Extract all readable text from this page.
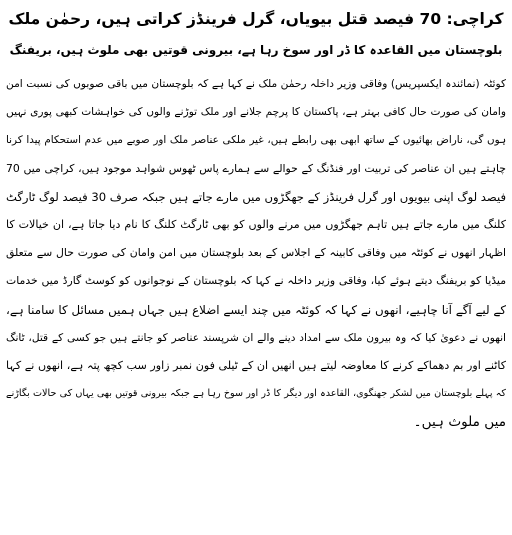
کراچی: 70 فیصد قتل بیویاں، گرل فرینڈز کراتی ہیں، رحمٰن ملک
بلوچستان میں القاعدہ کا ڈر اور سوخ رہا ہے، بیرونی قوتیں بھی ملوث ہیں، بریفنگ
کوئٹہ (نمائندہ ایکسپریس) وفاقی وزیر داخلہ رحمٰن ملک نے کہا ہے کہ بلوچستان میں باقی صوبوں کی نسبت امن
وامان کی صورت حال کافی بہتر ہے، پاکستان کا پرچم جلانے اور ملک توڑنے والوں کی خواہشات کبھی پوری نہیں
ہوں گی، ناراض بھائیوں کے ساتھ ابھی بھی رابطے ہیں، غیر ملکی عناصر ملک اور صوبے میں عدم استحکام پیدا کرنا
چاہتے ہیں ان عناصر کی تربیت اور فنڈنگ کے حوالے سے ہمارے پاس ٹھوس شواہد موجود ہیں، کراچی میں 70
فیصد لوگ اپنی بیویوں اور گرل فرینڈز کے جھگڑوں میں مارے جاتے ہیں جبکہ صرف 30 فیصد لوگ ٹارگٹ
کلنگ میں مارے جاتے ہیں تاہم جھگڑوں میں مرنے والوں کو بھی ٹارگٹ کلنگ کا نام دیا جاتا ہے، ان خیالات کا
اظہار انھوں نے کوئٹہ میں وفاقی کابینہ کے اجلاس کے بعد بلوچستان میں امن وامان کی صورت حال سے متعلق
میڈیا کو بریفنگ دیتے ہوئے کیا، وفاقی وزیر داخلہ نے کہا کہ بلوچستان کے نوجوانوں کو کوسٹ گارڈ میں خدمات
کے لیے آگے آنا چاہیے، انھوں نے کہا کہ کوئٹہ میں چند ایسے اضلاع ہیں جہاں ہمیں مسائل کا سامنا ہے،
انھوں نے دعویٰ کیا کہ وہ بیرون ملک سے امداد دینے والے ان شرپسند عناصر کو جانتے ہیں جو کسی کے قتل، ٹانگ
کاٹنے اور بم دھماکے کرنے کا معاوضہ لیتے ہیں انھیں ان کے ٹیلی فون نمبر زاور سب کچھ پتہ ہے، انھوں نے کہا
کہ پہلے بلوچستان میں لشکر جھنگوی، القاعدہ اور دیگر کا ڈر اور سوخ رہا ہے جبکہ بیرونی قوتیں بھی یہاں کی حالات بگاڑنے
میں ملوث ہیں۔
